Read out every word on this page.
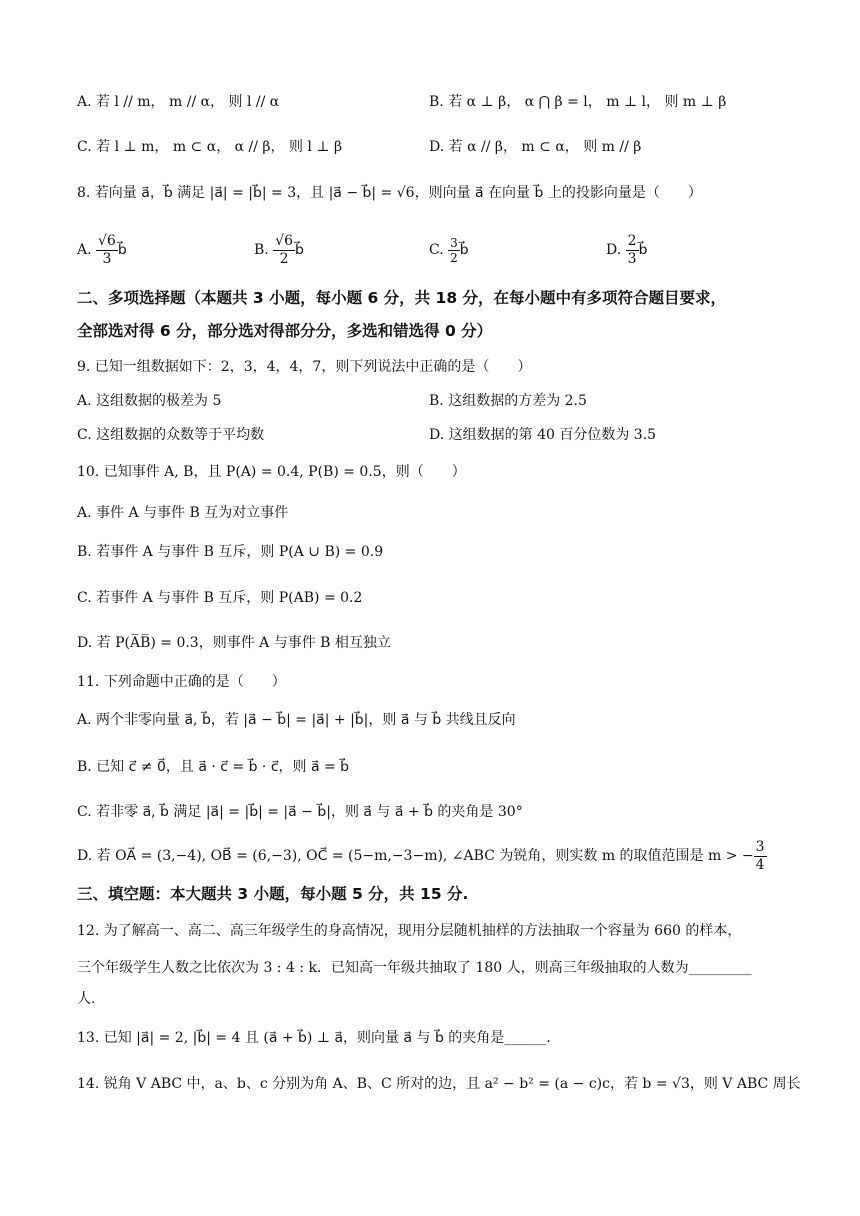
A. 若 l // m， m // α， 则 l // α	B. 若 α ⊥ β， α ⋂ β = l， m ⊥ l， 则 m ⊥ β
C. 若 l ⊥ m， m ⊂ α， α // β， 则 l ⊥ β	D. 若 α // β， m ⊂ α， 则 m // β
8. 若向量 a⃗，b⃗ 满足 |a⃗| = |b⃗| = 3，且 |a⃗ − b⃗| = √6，则向量 a⃗ 在向量 b⃗ 上的投影向量是（　　）
A. $\frac{√6}{3}$ b⃗	B. $\frac{√6}{2}$ b⃗	C. $\frac{3}{2}$ b⃗	D. $\frac{2}{3}$ b⃗
二、多项选择题（本题共 3 小题，每小题 6 分，共 18 分，在每小题中有多项符合题目要求，
全部选对得 6 分，部分选对得部分分，多选和错选得 0 分）
9. 已知一组数据如下：2，3，4，4，7，则下列说法中正确的是（　　）
A. 这组数据的极差为 5	B. 这组数据的方差为 2.5
C. 这组数据的众数等于平均数	D. 这组数据的第 40 百分位数为 3.5
10. 已知事件 A, B，且 P(A) = 0.4, P(B) = 0.5，则（　　）
A. 事件 A 与事件 B 互为对立事件
B. 若事件 A 与事件 B 互斥，则 P(A ∪ B) = 0.9
C. 若事件 A 与事件 B 互斥，则 P(AB) = 0.2
D. 若 P(A̅B̅) = 0.3，则事件 A 与事件 B 相互独立
11. 下列命题中正确的是（　　）
A. 两个非零向量 a⃗, b⃗，若 |a⃗ − b⃗| = |a⃗| + |b⃗|，则 a⃗ 与 b⃗ 共线且反向
B. 已知 c⃗ ≠ 0⃗，且 a⃗ · c⃗ = b⃗ · c⃗，则 a⃗ = b⃗
C. 若非零 a⃗, b⃗ 满足 |a⃗| = |b⃗| = |a⃗ − b⃗|，则 a⃗ 与 a⃗ + b⃗ 的夹角是 30°
D. 若 OA⃗ = (3,−4), OB⃗ = (6,−3), OC⃗ = (5−m,−3−m), ∠ABC 为锐角，则实数 m 的取值范围是 m > − $\frac{3}{4}$
三、填空题：本大题共 3 小题，每小题 5 分，共 15 分.
12. 为了解高一、高二、高三年级学生的身高情况，现用分层随机抽样的方法抽取一个容量为 660 的样本，
三个年级学生人数之比依次为 3 : 4 : k．已知高一年级共抽取了 180 人，则高三年级抽取的人数为_________
人.
13. 已知 |a⃗| = 2, |b⃗| = 4 且 (a⃗ + b⃗) ⊥ a⃗，则向量 a⃗ 与 b⃗ 的夹角是______.
14. 锐角 V ABC 中，a、b、c 分别为角 A、B、C 所对的边，且 a² − b² = (a − c)c，若 b = √3，则 V ABC 周长
